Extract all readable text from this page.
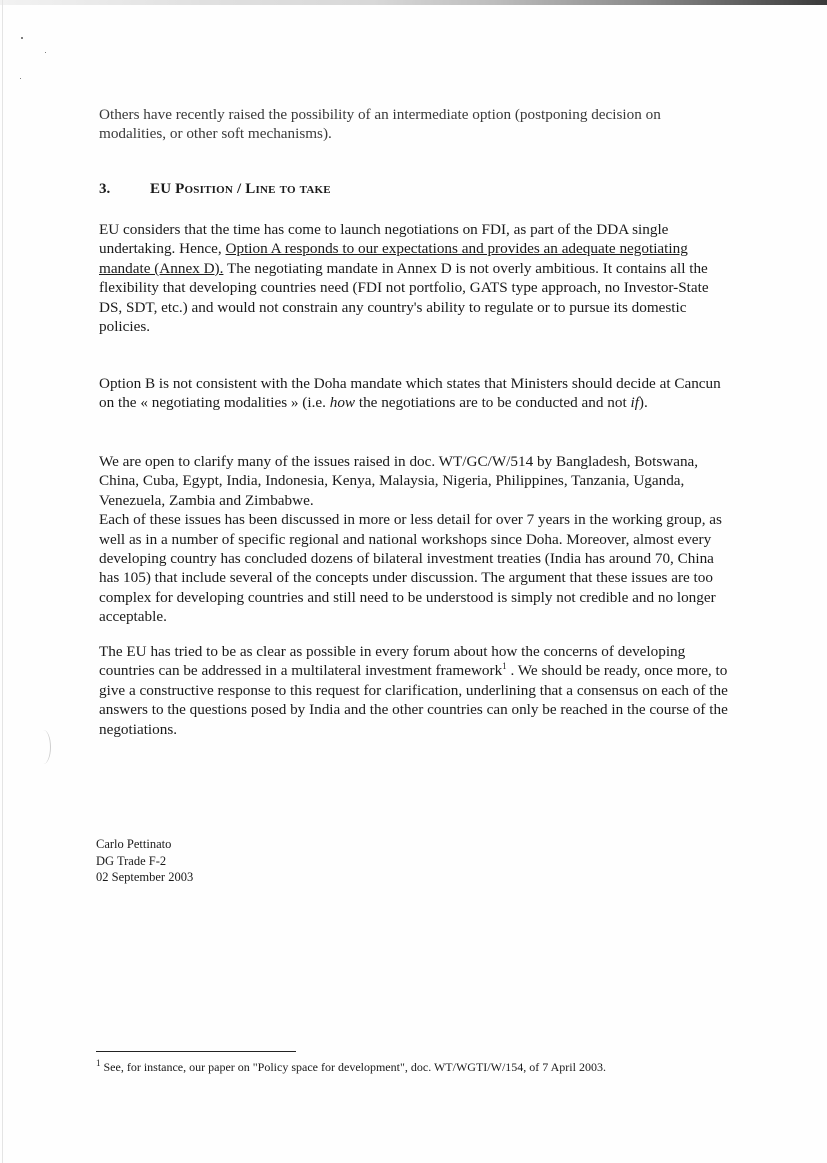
Others have recently raised the possibility of an intermediate option (postponing decision on modalities, or other soft mechanisms).

3.	EU Position / Line to take

EU considers that the time has come to launch negotiations on FDI, as part of the DDA single undertaking. Hence, Option A responds to our expectations and provides an adequate negotiating mandate (Annex D). The negotiating mandate in Annex D is not overly ambitious. It contains all the flexibility that developing countries need (FDI not portfolio, GATS type approach, no Investor-State DS, SDT, etc.) and would not constrain any country's ability to regulate or to pursue its domestic policies.

Option B is not consistent with the Doha mandate which states that Ministers should decide at Cancun on the « negotiating modalities » (i.e. how the negotiations are to be conducted and not if).

We are open to clarify many of the issues raised in doc. WT/GC/W/514 by Bangladesh, Botswana, China, Cuba, Egypt, India, Indonesia, Kenya, Malaysia, Nigeria, Philippines, Tanzania, Uganda, Venezuela, Zambia and Zimbabwe.
Each of these issues has been discussed in more or less detail for over 7 years in the working group, as well as in a number of specific regional and national workshops since Doha. Moreover, almost every developing country has concluded dozens of bilateral investment treaties (India has around 70, China has 105) that include several of the concepts under discussion. The argument that these issues are too complex for developing countries and still need to be understood is simply not credible and no longer acceptable.

The EU has tried to be as clear as possible in every forum about how the concerns of developing countries can be addressed in a multilateral investment framework$^1$ . We should be ready, once more, to give a constructive response to this request for clarification, underlining that a consensus on each of the answers to the questions posed by India and the other countries can only be reached in the course of the negotiations.

Carlo Pettinato
DG Trade F-2
02 September 2003
$^1$ See, for instance, our paper on "Policy space for development", doc. WT/WGTI/W/154, of 7 April 2003.
